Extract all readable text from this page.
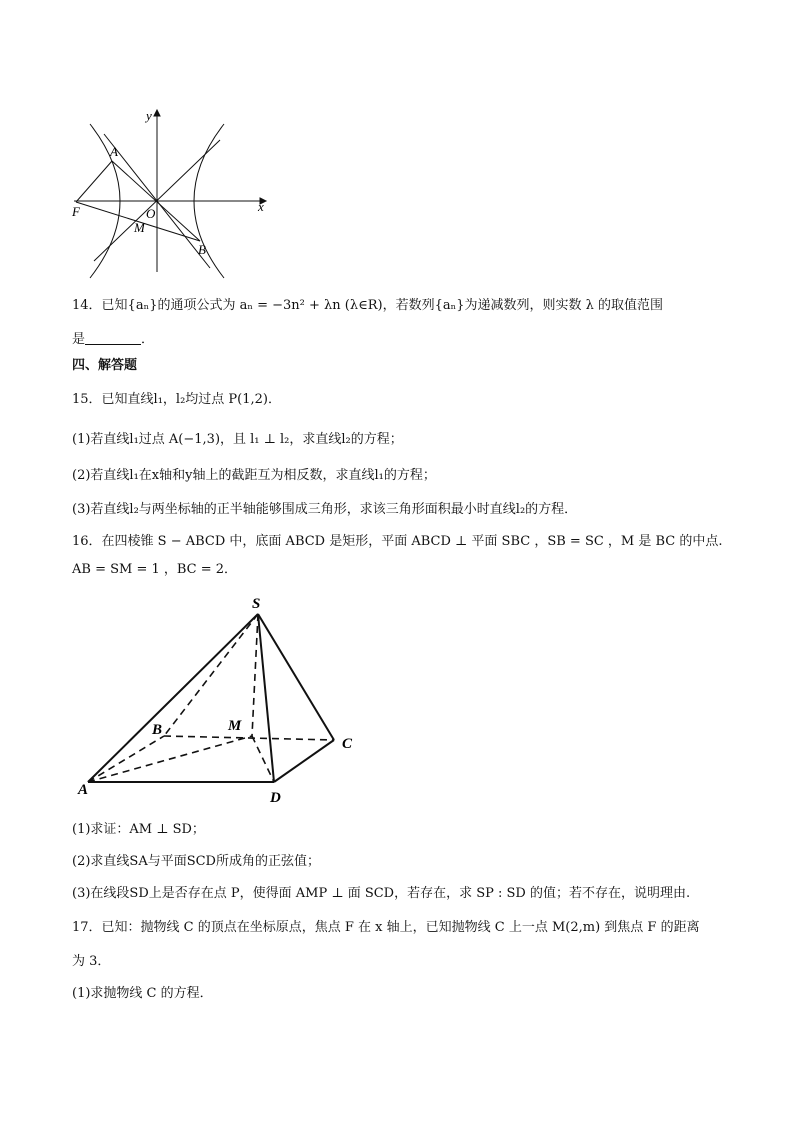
y
x
A
F	O
M
B
14．已知{aₙ}的通项公式为 aₙ = −3n² + λn (λ∈R)，若数列{aₙ}为递减数列，则实数 λ 的取值范围
是	．
四、解答题
15．已知直线l₁，l₂均过点 P(1,2)．
(1)若直线l₁过点 A(−1,3)，且 l₁ ⊥ l₂，求直线l₂的方程；
(2)若直线l₁在x轴和y轴上的截距互为相反数，求直线l₁的方程；
(3)若直线l₂与两坐标轴的正半轴能够围成三角形，求该三角形面积最小时直线l₂的方程．
16．在四棱锥 S − ABCD 中，底面 ABCD 是矩形，平面 ABCD ⊥ 平面 SBC ，SB = SC ，M 是 BC 的中点.
AB = SM = 1 ，BC = 2．
S
B	M
C
A	D
(1)求证：AM ⊥ SD；
(2)求直线SA与平面SCD所成角的正弦值；
(3)在线段SD上是否存在点 P，使得面 AMP ⊥ 面 SCD，若存在，求 SP : SD 的值；若不存在，说明理由.
17．已知：抛物线 C 的顶点在坐标原点，焦点 F 在 x 轴上，已知抛物线 C 上一点 M(2,m) 到焦点 F 的距离
为 3．
(1)求抛物线 C 的方程．
